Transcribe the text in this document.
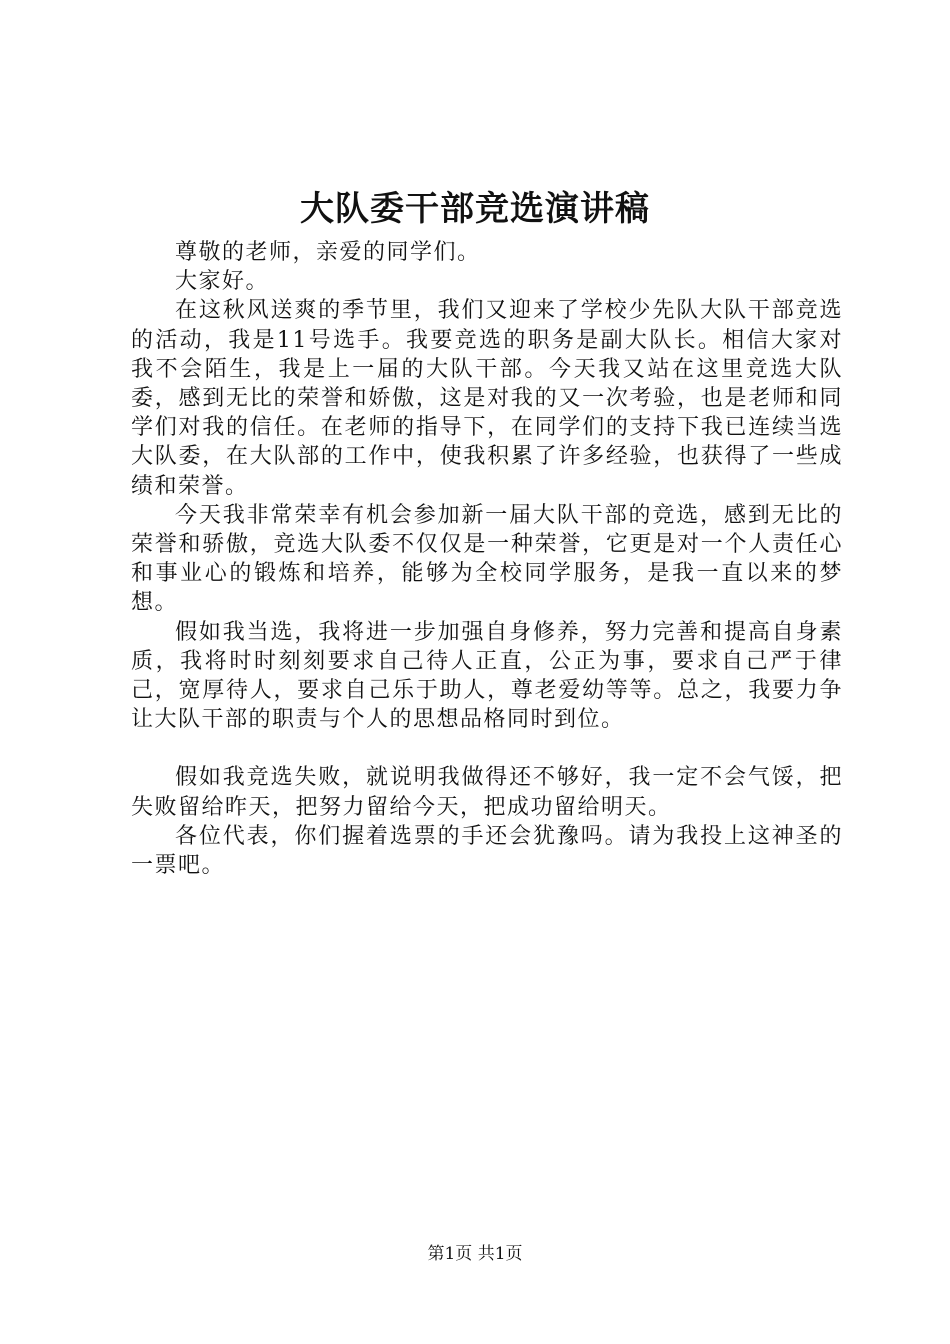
大队委干部竞选演讲稿

尊敬的老师，亲爱的同学们。

大家好。

在这秋风送爽的季节里，我们又迎来了学校少先队大队干部竞选的活动，我是11号选手。我要竞选的职务是副大队长。相信大家对我不会陌生，我是上一届的大队干部。今天我又站在这里竞选大队委，感到无比的荣誉和娇傲，这是对我的又一次考验，也是老师和同学们对我的信任。在老师的指导下，在同学们的支持下我已连续当选大队委，在大队部的工作中，使我积累了许多经验，也获得了一些成绩和荣誉。

今天我非常荣幸有机会参加新一届大队干部的竞选，感到无比的荣誉和骄傲，竞选大队委不仅仅是一种荣誉，它更是对一个人责任心和事业心的锻炼和培养，能够为全校同学服务，是我一直以来的梦想。

假如我当选，我将进一步加强自身修养，努力完善和提高自身素质，我将时时刻刻要求自己待人正直，公正为事，要求自己严于律己，宽厚待人，要求自己乐于助人，尊老爱幼等等。总之，我要力争让大队干部的职责与个人的思想品格同时到位。

假如我竞选失败，就说明我做得还不够好，我一定不会气馁，把失败留给昨天，把努力留给今天，把成功留给明天。

各位代表，你们握着选票的手还会犹豫吗。请为我投上这神圣的一票吧。

第1页 共1页
